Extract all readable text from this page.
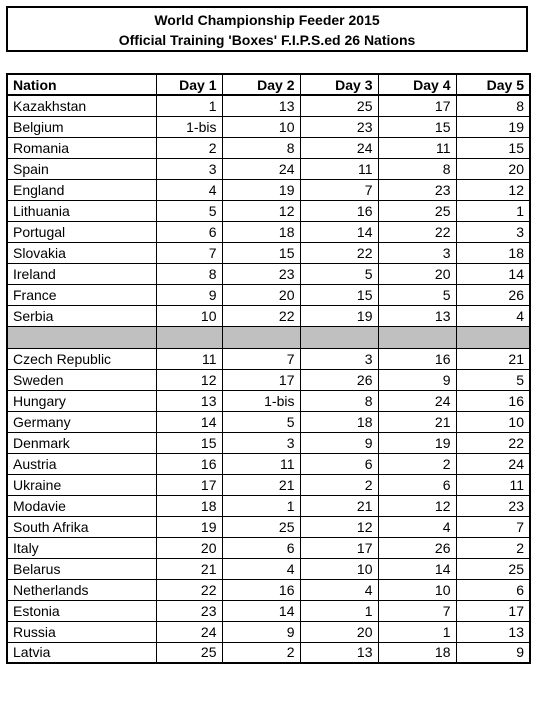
World Championship Feeder 2015
Official Training 'Boxes' F.I.P.S.ed 26 Nations
Nation	Day 1	Day 2	Day 3	Day 4	Day 5
Kazakhstan	1	13	25	17	8
Belgium	1-bis	10	23	15	19
Romania	2	8	24	11	15
Spain	3	24	11	8	20
England	4	19	7	23	12
Lithuania	5	12	16	25	1
Portugal	6	18	14	22	3
Slovakia	7	15	22	3	18
Ireland	8	23	5	20	14
France	9	20	15	5	26
Serbia	10	22	19	13	4

Czech Republic	11	7	3	16	21
Sweden	12	17	26	9	5
Hungary	13	1-bis	8	24	16
Germany	14	5	18	21	10
Denmark	15	3	9	19	22
Austria	16	11	6	2	24
Ukraine	17	21	2	6	11
Modavie	18	1	21	12	23
South Afrika	19	25	12	4	7
Italy	20	6	17	26	2
Belarus	21	4	10	14	25
Netherlands	22	16	4	10	6
Estonia	23	14	1	7	17
Russia	24	9	20	1	13
Latvia	25	2	13	18	9
